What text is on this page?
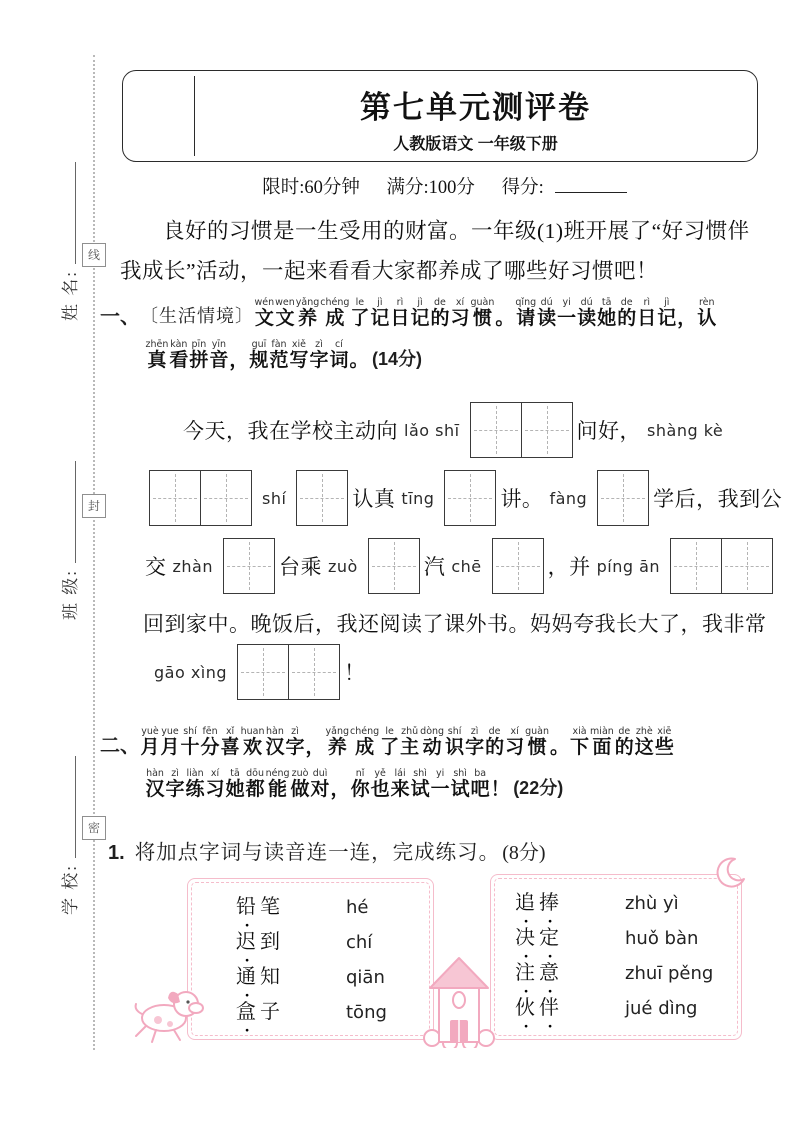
线
封
密
姓 名:
班 级:
学 校:
第七单元测评卷
人教版语文 一年级下册
限时:60分钟 满分:100分 得分:
良好的习惯是一生受用的财富。一年级(1)班开展了“好习惯伴我成长”活动，一起来看看大家都养成了哪些好习惯吧！
一、 〔生活情境〕 文wén文wen养yǎng成chéng了le记jì日rì记jì的de习xí惯guàn。请qǐng读dú一yi读dú她tā的de日rì记jì，认rèn
真zhēn看kàn拼pīn音yīn，规guī范fàn写xiě字zì词cí。 (14分)
今天，我在学校主动向 lǎo shī	问好， shàng kè
shí	认真 tīng	讲。 fàng	学后，我到公
交 zhàn	台乘 zuò	汽 chē	，并 píng ān
回到家中。晚饭后，我还阅读了课外书。妈妈夸我长大了，我非常
gāo xìng	！
二、 月yuè月yue十shí分fēn喜xǐ欢huan汉hàn字zì，养yǎng成chéng了le主zhǔ动dòng识shí字zì的de习xí惯guàn。下xià面miàn的de这zhè些xiē
汉hàn字zì练liàn习xí她tā都dōu能néng做zuò对duì，你nǐ也yě来lái试shì一yi试shì吧ba！ (22分)
1. 将加点字词与读音连一连，完成练习。 (8分)
铅 ●笔	hé
迟 ●到	chí
通 ●知	qiān
盒 ●子	tōng
追 ●捧 ●	zhù yì
决 ●定 ●	huǒ bàn
注 ●意 ●	zhuī pěng
伙 ●伴 ●	jué dìng
